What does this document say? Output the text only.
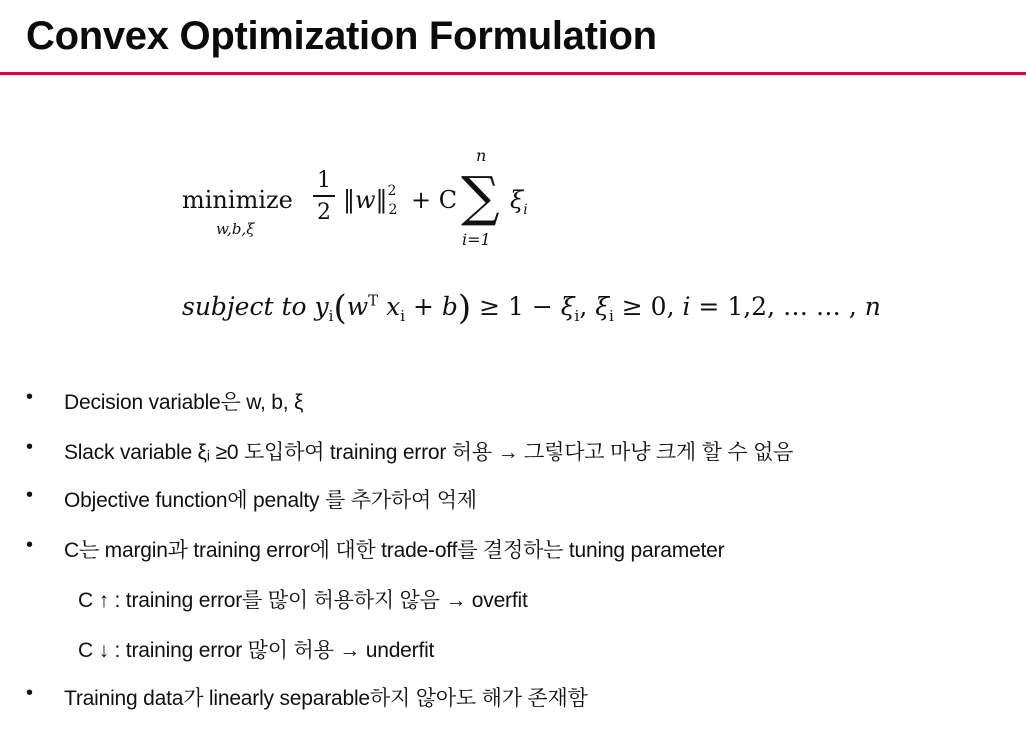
Convex Optimization Formulation
minimize
w,b,ξ
1
2 ‖w‖$^2_2$ + C ∑
n
i=1
$\xi_i$
subject to $y_i(w^T$ $x_i + b) \ge 1 - \xi_i$, $\xi_i \ge 0$, i = 1,2, … … , n
• Decision variable은 w, b, ξ
• Slack variable ξᵢ ≥0 도입하여 training error 허용 → 그렇다고 마냥 크게 할 수 없음
• Objective function에 penalty 를 추가하여 억제
• C는 margin과 training error에 대한 trade-off를 결정하는 tuning parameter
C ↑ : training error를 많이 허용하지 않음 → overfit
C ↓ : training error 많이 허용 → underfit
• Training data가 linearly separable하지 않아도 해가 존재함
